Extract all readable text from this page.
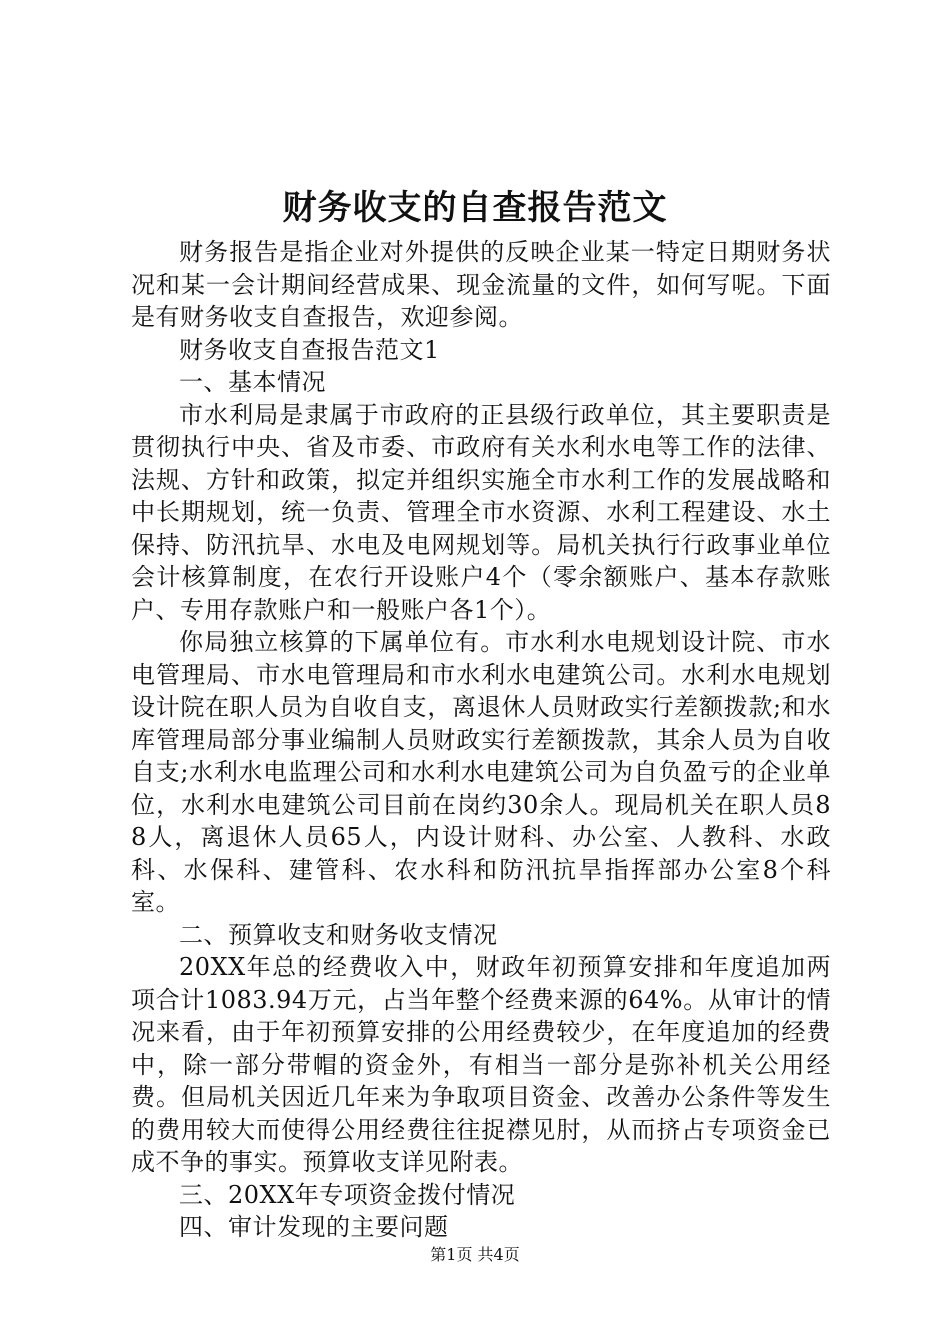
财务收支的自查报告范文

财务报告是指企业对外提供的反映企业某一特定日期财务状况和某一会计期间经营成果、现金流量的文件，如何写呢。下面是有财务收支自查报告，欢迎参阅。

财务收支自查报告范文1

一、基本情况

市水利局是隶属于市政府的正县级行政单位，其主要职责是贯彻执行中央、省及市委、市政府有关水利水电等工作的法律、法规、方针和政策，拟定并组织实施全市水利工作的发展战略和中长期规划，统一负责、管理全市水资源、水利工程建设、水土保持、防汛抗旱、水电及电网规划等。局机关执行行政事业单位会计核算制度，在农行开设账户4个（零余额账户、基本存款账户、专用存款账户和一般账户各1个）。

你局独立核算的下属单位有。市水利水电规划设计院、市水电管理局、市水电管理局和市水利水电建筑公司。水利水电规划设计院在职人员为自收自支，离退休人员财政实行差额拨款;和水库管理局部分事业编制人员财政实行差额拨款，其余人员为自收自支;水利水电监理公司和水利水电建筑公司为自负盈亏的企业单位，水利水电建筑公司目前在岗约30余人。现局机关在职人员88人，离退休人员65人，内设计财科、办公室、人教科、水政科、水保科、建管科、农水科和防汛抗旱指挥部办公室8个科室。

二、预算收支和财务收支情况

20XX年总的经费收入中，财政年初预算安排和年度追加两项合计1083.94万元，占当年整个经费来源的64%。从审计的情况来看，由于年初预算安排的公用经费较少，在年度追加的经费中，除一部分带帽的资金外，有相当一部分是弥补机关公用经费。但局机关因近几年来为争取项目资金、改善办公条件等发生的费用较大而使得公用经费往往捉襟见肘，从而挤占专项资金已成不争的事实。预算收支详见附表。

三、20XX年专项资金拨付情况

四、审计发现的主要问题

第1页 共4页
